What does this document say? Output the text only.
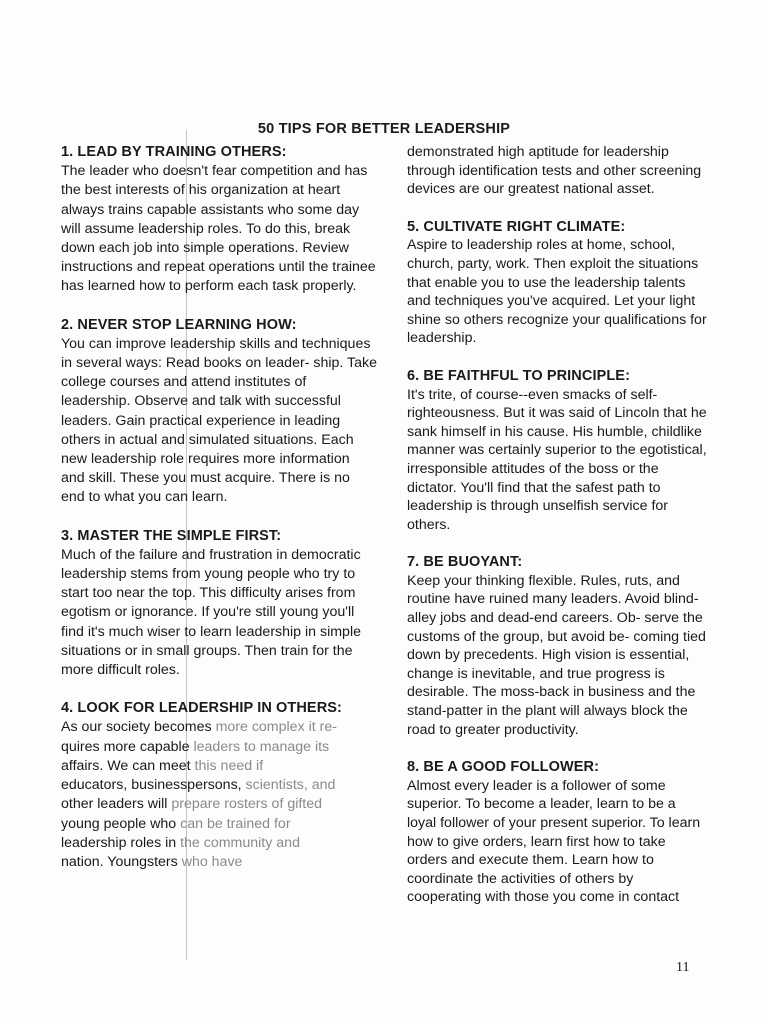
50 TIPS FOR BETTER LEADERSHIP

1. LEAD BY TRAINING OTHERS:

The leader who doesn't fear competition and has the best interests of his organization at heart always trains capable assistants who some day will assume leadership roles. To do this, break down each job into simple operations. Review instructions and repeat operations until the trainee has learned how to perform each task properly.

2. NEVER STOP LEARNING HOW:

You can improve leadership skills and techniques in several ways: Read books on leader- ship. Take college courses and attend institutes of leadership. Observe and talk with successful leaders. Gain practical experience in leading others in actual and simulated situations. Each new leadership role requires more information and skill. These you must acquire. There is no end to what you can learn.

3. MASTER THE SIMPLE FIRST:

Much of the failure and frustration in democratic leadership stems from young people who try to start too near the top. This difficulty arises from egotism or ignorance. If you're still young you'll find it's much wiser to learn leadership in simple situations or in small groups. Then train for the more difficult roles.

4. LOOK FOR LEADERSHIP IN OTHERS:

As our society becomes more complex it re-
quires more capable leaders to manage its
affairs. We can meet this need if
educators, businesspersons, scientists, and
other leaders will prepare rosters of gifted
young people who can be trained for
leadership roles in the community and
nation. Youngsters who have

demonstrated high aptitude for leadership through identification tests and other screening devices are our greatest national asset.

5. CULTIVATE RIGHT CLIMATE:

Aspire to leadership roles at home, school, church, party, work. Then exploit the situations that enable you to use the leadership talents and techniques you've acquired. Let your light shine so others recognize your qualifications for leadership.

6. BE FAITHFUL TO PRINCIPLE:

It's trite, of course--even smacks of self-righteousness. But it was said of Lincoln that he sank himself in his cause. His humble, childlike manner was certainly superior to the egotistical, irresponsible attitudes of the boss or the dictator. You'll find that the safest path to leadership is through unselfish service for others.

7. BE BUOYANT:

Keep your thinking flexible. Rules, ruts, and routine have ruined many leaders. Avoid blind-alley jobs and dead-end careers. Ob- serve the customs of the group, but avoid be- coming tied down by precedents. High vision is essential, change is inevitable, and true progress is desirable. The moss-back in business and the stand-patter in the plant will always block the road to greater productivity.

8. BE A GOOD FOLLOWER:

Almost every leader is a follower of some superior. To become a leader, learn to be a loyal follower of your present superior. To learn how to give orders, learn first how to take orders and execute them. Learn how to coordinate the activities of others by cooperating with those you come in contact

11
